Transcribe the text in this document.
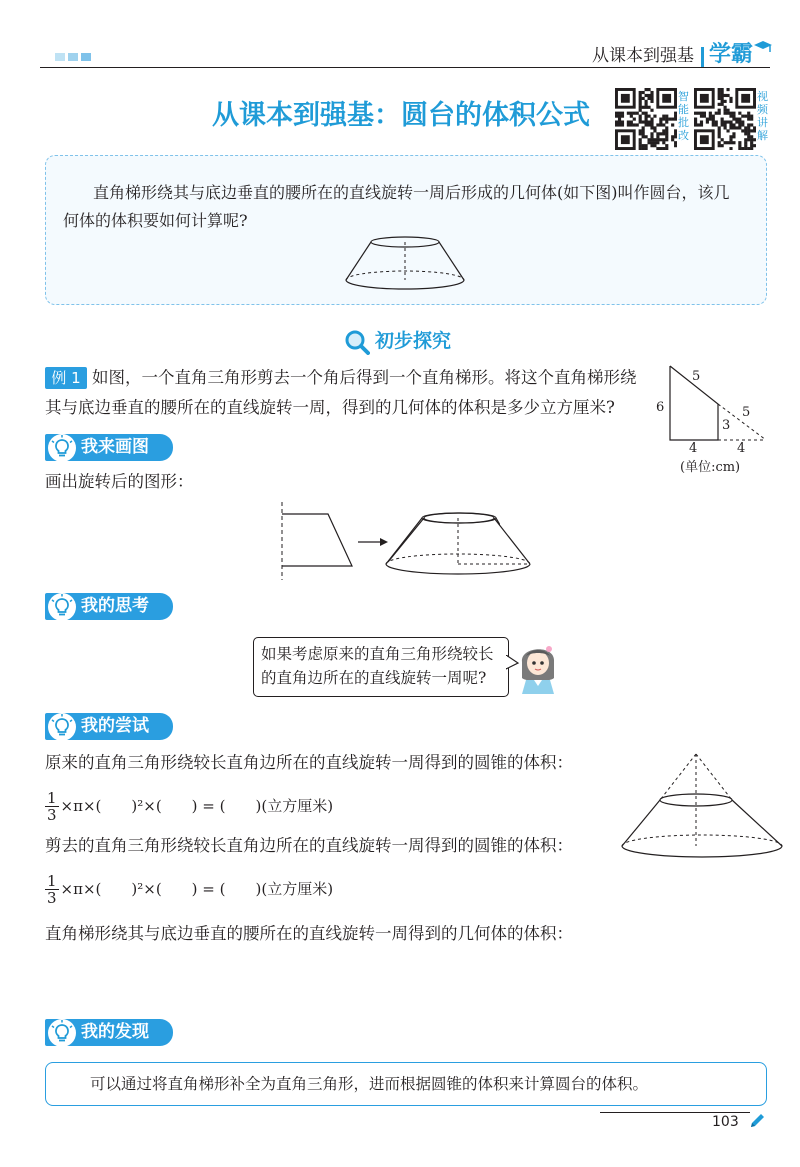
从课本到强基 学霸
从课本到强基：圆台的体积公式
智能批改
视频讲解
直角梯形绕其与底边垂直的腰所在的直线旋转一周后形成的几何体(如下图)叫作圆台，该几
何体的体积要如何计算呢?
初步探究
例 1 如图，一个直角三角形剪去一个角后得到一个直角梯形。将这个直角梯形绕
其与底边垂直的腰所在的直线旋转一周，得到的几何体的体积是多少立方厘米?
5
6
3
5
4	4
(单位:cm)
我来画图
画出旋转后的图形：
我的思考
如果考虑原来的直角三角形绕较长
的直角边所在的直线旋转一周呢?
我的尝试
原来的直角三角形绕较长直角边所在的直线旋转一周得到的圆锥的体积：
$\frac{1}{3} \times\pi\times$(　　)²×(　　) = (　　)(立方厘米)
剪去的直角三角形绕较长直角边所在的直线旋转一周得到的圆锥的体积：
$\frac{1}{3} \times\pi\times$(　　)²×(　　) = (　　)(立方厘米)
直角梯形绕其与底边垂直的腰所在的直线旋转一周得到的几何体的体积：
我的发现
可以通过将直角梯形补全为直角三角形，进而根据圆锥的体积来计算圆台的体积。
103
